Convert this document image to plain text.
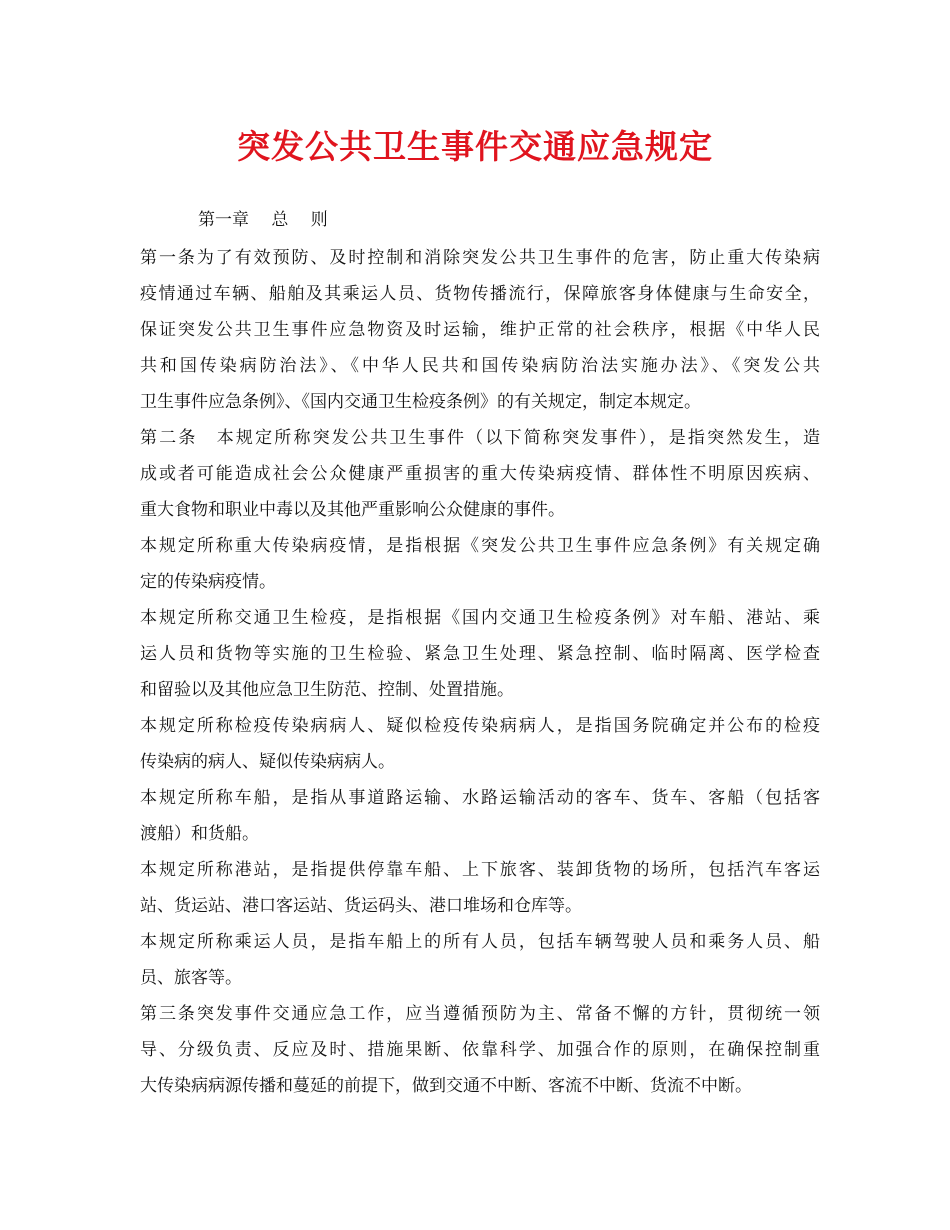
突发公共卫生事件交通应急规定
第一章　 总　 则

第一条为了有效预防、及时控制和消除突发公共卫生事件的危害，防止重大传染病
疫情通过车辆、船舶及其乘运人员、货物传播流行，保障旅客身体健康与生命安全，
保证突发公共卫生事件应急物资及时运输，维护正常的社会秩序，根据《中华人民
共和国传染病防治法》、《中华人民共和国传染病防治法实施办法》、《突发公共
卫生事件应急条例》、《国内交通卫生检疫条例》的有关规定，制定本规定。

第二条　本规定所称突发公共卫生事件（以下简称突发事件），是指突然发生，造
成或者可能造成社会公众健康严重损害的重大传染病疫情、群体性不明原因疾病、
重大食物和职业中毒以及其他严重影响公众健康的事件。

本规定所称重大传染病疫情，是指根据《突发公共卫生事件应急条例》有关规定确
定的传染病疫情。

本规定所称交通卫生检疫，是指根据《国内交通卫生检疫条例》对车船、港站、乘
运人员和货物等实施的卫生检验、紧急卫生处理、紧急控制、临时隔离、医学检查
和留验以及其他应急卫生防范、控制、处置措施。

本规定所称检疫传染病病人、疑似检疫传染病病人，是指国务院确定并公布的检疫
传染病的病人、疑似传染病病人。

本规定所称车船，是指从事道路运输、水路运输活动的客车、货车、客船（包括客
渡船）和货船。

本规定所称港站，是指提供停靠车船、上下旅客、装卸货物的场所，包括汽车客运
站、货运站、港口客运站、货运码头、港口堆场和仓库等。

本规定所称乘运人员，是指车船上的所有人员，包括车辆驾驶人员和乘务人员、船
员、旅客等。

第三条突发事件交通应急工作，应当遵循预防为主、常备不懈的方针，贯彻统一领
导、分级负责、反应及时、措施果断、依靠科学、加强合作的原则，在确保控制重
大传染病病源传播和蔓延的前提下，做到交通不中断、客流不中断、货流不中断。
